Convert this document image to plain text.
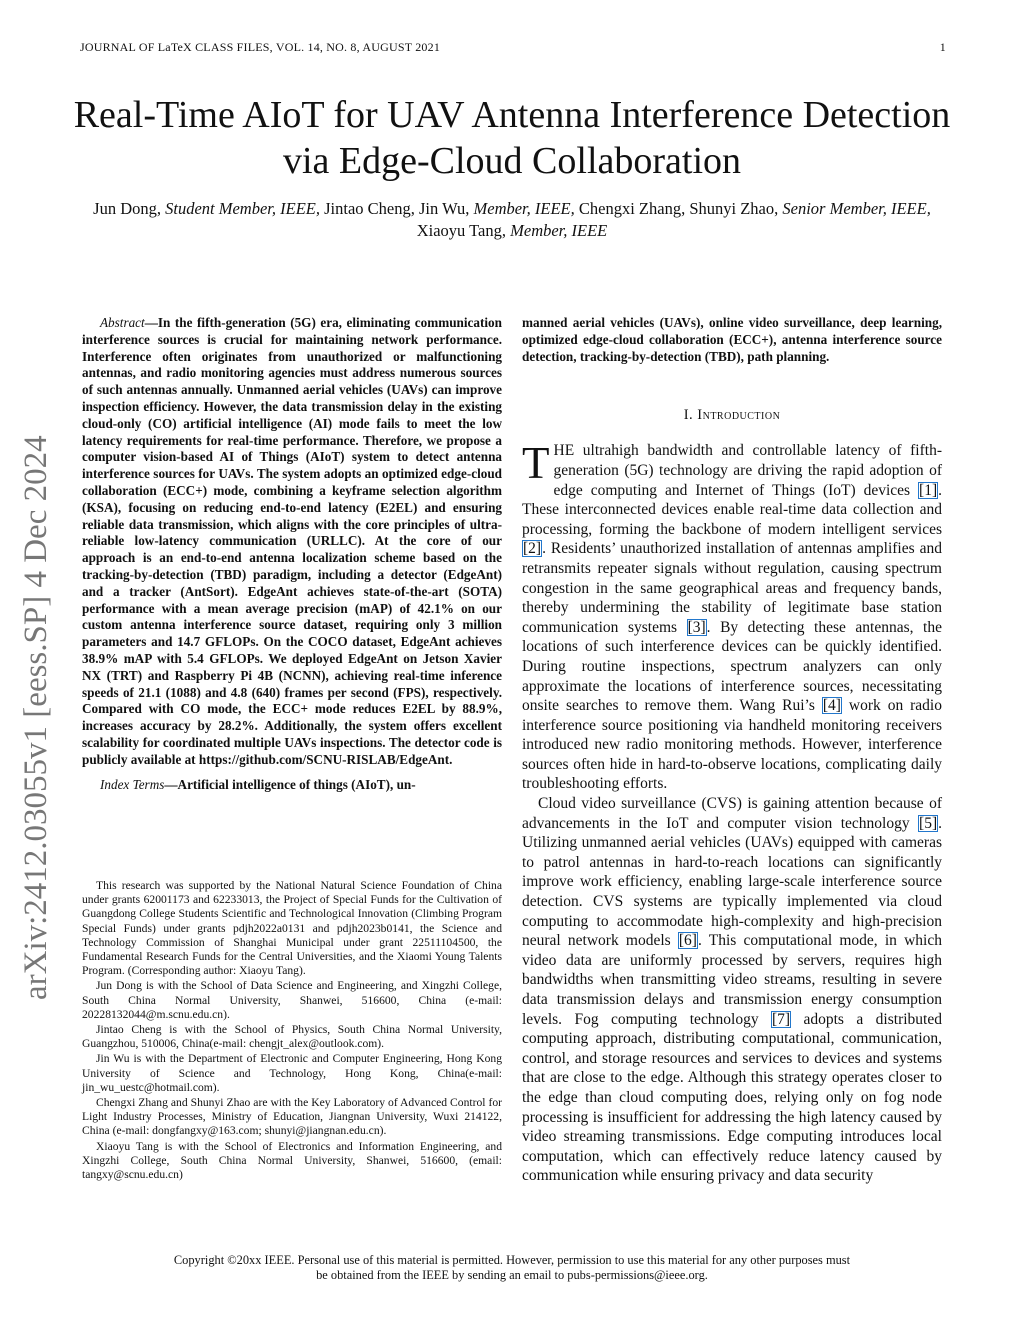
JOURNAL OF LaTeX CLASS FILES, VOL. 14, NO. 8, AUGUST 2021	1
Real-Time AIoT for UAV Antenna Interference Detection via Edge-Cloud Collaboration
Jun Dong, Student Member, IEEE, Jintao Cheng, Jin Wu, Member, IEEE, Chengxi Zhang, Shunyi Zhao, Senior Member, IEEE, Xiaoyu Tang, Member, IEEE
arXiv:2412.03055v1 [eess.SP] 4 Dec 2024

Abstract—In the fifth-generation (5G) era, eliminating communication interference sources is crucial for maintaining network performance. Interference often originates from unauthorized or malfunctioning antennas, and radio monitoring agencies must address numerous sources of such antennas annually. Unmanned aerial vehicles (UAVs) can improve inspection efficiency. However, the data transmission delay in the existing cloud-only (CO) artificial intelligence (AI) mode fails to meet the low latency requirements for real-time performance. Therefore, we propose a computer vision-based AI of Things (AIoT) system to detect antenna interference sources for UAVs. The system adopts an optimized edge-cloud collaboration (ECC+) mode, combining a keyframe selection algorithm (KSA), focusing on reducing end-to-end latency (E2EL) and ensuring reliable data transmission, which aligns with the core principles of ultra-reliable low-latency communication (URLLC). At the core of our approach is an end-to-end antenna localization scheme based on the tracking-by-detection (TBD) paradigm, including a detector (EdgeAnt) and a tracker (AntSort). EdgeAnt achieves state-of-the-art (SOTA) performance with a mean average precision (mAP) of 42.1% on our custom antenna interference source dataset, requiring only 3 million parameters and 14.7 GFLOPs. On the COCO dataset, EdgeAnt achieves 38.9% mAP with 5.4 GFLOPs. We deployed EdgeAnt on Jetson Xavier NX (TRT) and Raspberry Pi 4B (NCNN), achieving real-time inference speeds of 21.1 (1088) and 4.8 (640) frames per second (FPS), respectively. Compared with CO mode, the ECC+ mode reduces E2EL by 88.9%, increases accuracy by 28.2%. Additionally, the system offers excellent scalability for coordinated multiple UAVs inspections. The detector code is publicly available at https://github.com/SCNU-RISLAB/EdgeAnt.

Index Terms—Artificial intelligence of things (AIoT), un-

This research was supported by the National Natural Science Foundation of China under grants 62001173 and 62233013, the Project of Special Funds for the Cultivation of Guangdong College Students Scientific and Technological Innovation (Climbing Program Special Funds) under grants pdjh2022a0131 and pdjh2023b0141, the Science and Technology Commission of Shanghai Municipal under grant 22511104500, the Fundamental Research Funds for the Central Universities, and the Xiaomi Young Talents Program. (Corresponding author: Xiaoyu Tang).

Jun Dong is with the School of Data Science and Engineering, and Xingzhi College, South China Normal University, Shanwei, 516600, China (e-mail: 20228132044@m.scnu.edu.cn).

Jintao Cheng is with the School of Physics, South China Normal University, Guangzhou, 510006, China(e-mail: chengjt_alex@outlook.com).

Jin Wu is with the Department of Electronic and Computer Engineering, Hong Kong University of Science and Technology, Hong Kong, China(e-mail: jin_wu_uestc@hotmail.com).

Chengxi Zhang and Shunyi Zhao are with the Key Laboratory of Advanced Control for Light Industry Processes, Ministry of Education, Jiangnan University, Wuxi 214122, China (e-mail: dongfangxy@163.com; shunyi@jiangnan.edu.cn).

Xiaoyu Tang is with the School of Electronics and Information Engineering, and Xingzhi College, South China Normal University, Shanwei, 516600, (email: tangxy@scnu.edu.cn)

manned aerial vehicles (UAVs), online video surveillance, deep learning, optimized edge-cloud collaboration (ECC+), antenna interference source detection, tracking-by-detection (TBD), path planning.

I. Introduction

THE ultrahigh bandwidth and controllable latency of fifth-generation (5G) technology are driving the rapid adoption of edge computing and Internet of Things (IoT) devices [1]. These interconnected devices enable real-time data collection and processing, forming the backbone of modern intelligent services [2]. Residents’ unauthorized installation of antennas amplifies and retransmits repeater signals without regulation, causing spectrum congestion in the same geographical areas and frequency bands, thereby undermining the stability of legitimate base station communication systems [3]. By detecting these antennas, the locations of such interference devices can be quickly identified. During routine inspections, spectrum analyzers can only approximate the locations of interference sources, necessitating onsite searches to remove them. Wang Rui’s [4] work on radio interference source positioning via handheld monitoring receivers introduced new radio monitoring methods. However, interference sources often hide in hard-to-observe locations, complicating daily troubleshooting efforts.

Cloud video surveillance (CVS) is gaining attention because of advancements in the IoT and computer vision technology [5]. Utilizing unmanned aerial vehicles (UAVs) equipped with cameras to patrol antennas in hard-to-reach locations can significantly improve work efficiency, enabling large-scale interference source detection. CVS systems are typically implemented via cloud computing to accommodate high-complexity and high-precision neural network models [6]. This computational mode, in which video data are uniformly processed by servers, requires high bandwidths when transmitting video streams, resulting in severe data transmission delays and transmission energy consumption levels. Fog computing technology [7] adopts a distributed computing approach, distributing computational, communication, control, and storage resources and services to devices and systems that are close to the edge. Although this strategy operates closer to the edge than cloud computing does, relying only on fog node processing is insufficient for addressing the high latency caused by video streaming transmissions. Edge computing introduces local computation, which can effectively reduce latency caused by communication while ensuring privacy and data security

Copyright ©20xx IEEE. Personal use of this material is permitted. However, permission to use this material for any other purposes must
be obtained from the IEEE by sending an email to pubs-permissions@ieee.org.
